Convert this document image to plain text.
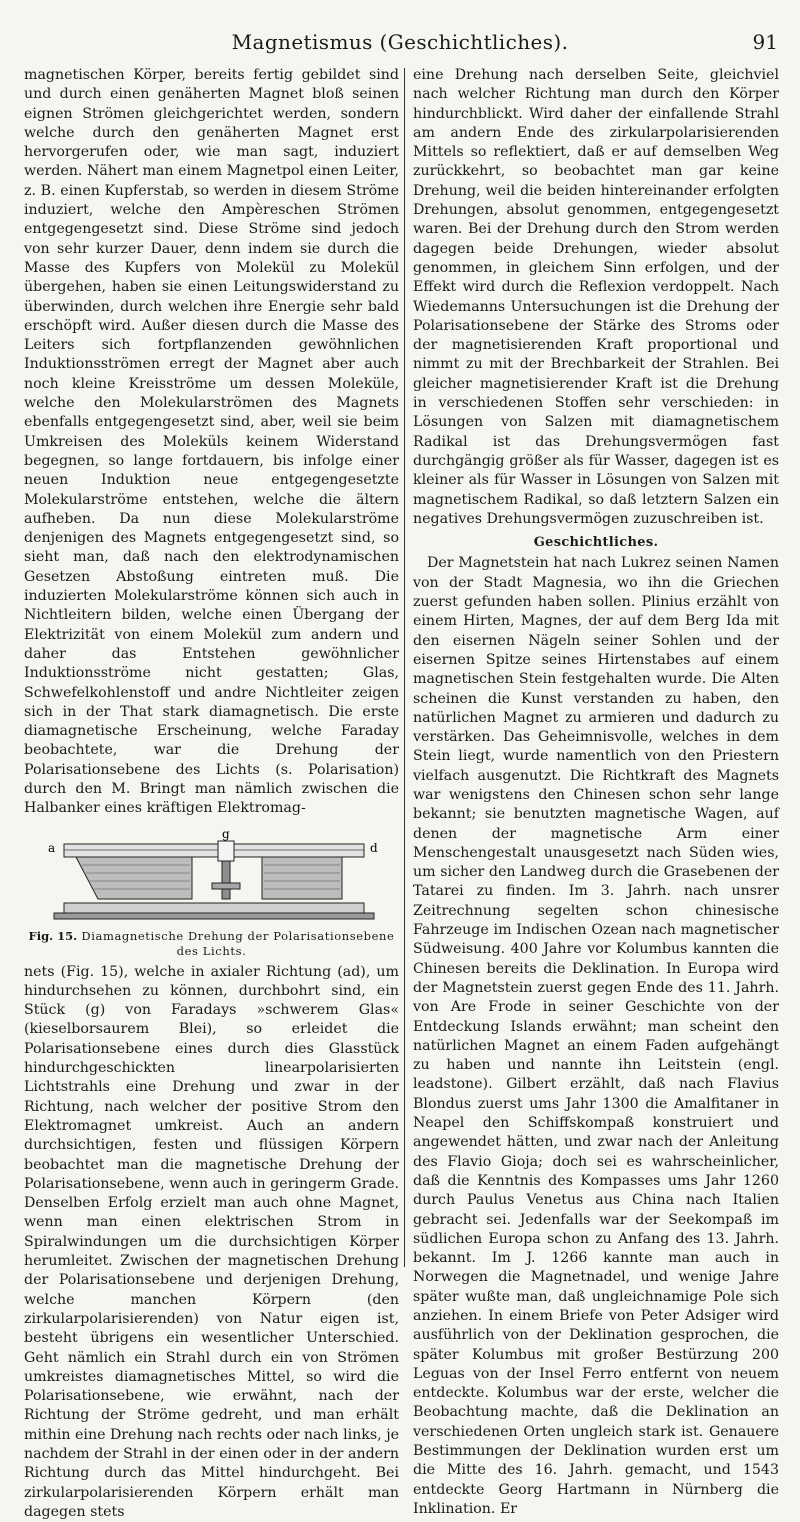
Magnetismus (Geschichtliches).	91

magnetischen Körper, bereits fertig gebildet sind und durch einen genäherten Magnet bloß seinen eignen Strömen gleichgerichtet werden, sondern welche durch den genäherten Magnet erst hervorgerufen oder, wie man sagt, induziert werden. Nähert man einem Magnetpol einen Leiter, z. B. einen Kupferstab, so werden in diesem Ströme induziert, welche den Ampèreschen Strömen entgegengesetzt sind. Diese Ströme sind jedoch von sehr kurzer Dauer, denn indem sie durch die Masse des Kupfers von Molekül zu Molekül übergehen, haben sie einen Leitungswiderstand zu überwinden, durch welchen ihre Energie sehr bald erschöpft wird. Außer diesen durch die Masse des Leiters sich fortpflanzenden gewöhnlichen Induktionsströmen erregt der Magnet aber auch noch kleine Kreisströme um dessen Moleküle, welche den Molekularströmen des Magnets ebenfalls entgegengesetzt sind, aber, weil sie beim Umkreisen des Moleküls keinem Widerstand begegnen, so lange fortdauern, bis infolge einer neuen Induktion neue entgegengesetzte Molekularströme entstehen, welche die ältern aufheben. Da nun diese Molekularströme denjenigen des Magnets entgegengesetzt sind, so sieht man, daß nach den elektrodynamischen Gesetzen Abstoßung eintreten muß. Die induzierten Molekularströme können sich auch in Nichtleitern bilden, welche einen Übergang der Elektrizität von einem Molekül zum andern und daher das Entstehen gewöhnlicher Induktionsströme nicht gestatten; Glas, Schwefelkohlenstoff und andre Nichtleiter zeigen sich in der That stark diamagnetisch. Die erste diamagnetische Erscheinung, welche Faraday beobachtete, war die Drehung der Polarisationsebene des Lichts (s. Polarisation) durch den M. Bringt man nämlich zwischen die Halbanker eines kräftigen Elektromag-

a
g
d
Fig. 15. Diamagnetische Drehung der Polarisationsebene des Lichts.

nets (Fig. 15), welche in axialer Richtung (ad), um hindurchsehen zu können, durchbohrt sind, ein Stück (g) von Faradays »schwerem Glas« (kieselborsaurem Blei), so erleidet die Polarisationsebene eines durch dies Glasstück hindurchgeschickten linearpolarisierten Lichtstrahls eine Drehung und zwar in der Richtung, nach welcher der positive Strom den Elektromagnet umkreist. Auch an andern durchsichtigen, festen und flüssigen Körpern beobachtet man die magnetische Drehung der Polarisationsebene, wenn auch in geringerm Grade. Denselben Erfolg erzielt man auch ohne Magnet, wenn man einen elektrischen Strom in Spiralwindungen um die durchsichtigen Körper herumleitet. Zwischen der magnetischen Drehung der Polarisationsebene und derjenigen Drehung, welche manchen Körpern (den zirkularpolarisierenden) von Natur eigen ist, besteht übrigens ein wesentlicher Unterschied. Geht nämlich ein Strahl durch ein von Strömen umkreistes diamagnetisches Mittel, so wird die Polarisationsebene, wie erwähnt, nach der Richtung der Ströme gedreht, und man erhält mithin eine Drehung nach rechts oder nach links, je nachdem der Strahl in der einen oder in der andern Richtung durch das Mittel hindurchgeht. Bei zirkularpolarisierenden Körpern erhält man dagegen stets

eine Drehung nach derselben Seite, gleichviel nach welcher Richtung man durch den Körper hindurchblickt. Wird daher der einfallende Strahl am andern Ende des zirkularpolarisierenden Mittels so reflektiert, daß er auf demselben Weg zurückkehrt, so beobachtet man gar keine Drehung, weil die beiden hintereinander erfolgten Drehungen, absolut genommen, entgegengesetzt waren. Bei der Drehung durch den Strom werden dagegen beide Drehungen, wieder absolut genommen, in gleichem Sinn erfolgen, und der Effekt wird durch die Reflexion verdoppelt. Nach Wiedemanns Untersuchungen ist die Drehung der Polarisationsebene der Stärke des Stroms oder der magnetisierenden Kraft proportional und nimmt zu mit der Brechbarkeit der Strahlen. Bei gleicher magnetisierender Kraft ist die Drehung in verschiedenen Stoffen sehr verschieden: in Lösungen von Salzen mit diamagnetischem Radikal ist das Drehungsvermögen fast durchgängig größer als für Wasser, dagegen ist es kleiner als für Wasser in Lösungen von Salzen mit magnetischem Radikal, so daß letztern Salzen ein negatives Drehungsvermögen zuzuschreiben ist.

Geschichtliches.

Der Magnetstein hat nach Lukrez seinen Namen von der Stadt Magnesia, wo ihn die Griechen zuerst gefunden haben sollen. Plinius erzählt von einem Hirten, Magnes, der auf dem Berg Ida mit den eisernen Nägeln seiner Sohlen und der eisernen Spitze seines Hirtenstabes auf einem magnetischen Stein festgehalten wurde. Die Alten scheinen die Kunst verstanden zu haben, den natürlichen Magnet zu armieren und dadurch zu verstärken. Das Geheimnisvolle, welches in dem Stein liegt, wurde namentlich von den Priestern vielfach ausgenutzt. Die Richtkraft des Magnets war wenigstens den Chinesen schon sehr lange bekannt; sie benutzten magnetische Wagen, auf denen der magnetische Arm einer Menschengestalt unausgesetzt nach Süden wies, um sicher den Landweg durch die Grasebenen der Tatarei zu finden. Im 3. Jahrh. nach unsrer Zeitrechnung segelten schon chinesische Fahrzeuge im Indischen Ozean nach magnetischer Südweisung. 400 Jahre vor Kolumbus kannten die Chinesen bereits die Deklination. In Europa wird der Magnetstein zuerst gegen Ende des 11. Jahrh. von Are Frode in seiner Geschichte von der Entdeckung Islands erwähnt; man scheint den natürlichen Magnet an einem Faden aufgehängt zu haben und nannte ihn Leitstein (engl. leadstone). Gilbert erzählt, daß nach Flavius Blondus zuerst ums Jahr 1300 die Amalfitaner in Neapel den Schiffskompaß konstruiert und angewendet hätten, und zwar nach der Anleitung des Flavio Gioja; doch sei es wahrscheinlicher, daß die Kenntnis des Kompasses ums Jahr 1260 durch Paulus Venetus aus China nach Italien gebracht sei. Jedenfalls war der Seekompaß im südlichen Europa schon zu Anfang des 13. Jahrh. bekannt. Im J. 1266 kannte man auch in Norwegen die Magnetnadel, und wenige Jahre später wußte man, daß ungleichnamige Pole sich anziehen. In einem Briefe von Peter Adsiger wird ausführlich von der Deklination gesprochen, die später Kolumbus mit großer Bestürzung 200 Leguas von der Insel Ferro entfernt von neuem entdeckte. Kolumbus war der erste, welcher die Beobachtung machte, daß die Deklination an verschiedenen Orten ungleich stark ist. Genauere Bestimmungen der Deklination wurden erst um die Mitte des 16. Jahrh. gemacht, und 1543 entdeckte Georg Hartmann in Nürnberg die Inklination. Er
